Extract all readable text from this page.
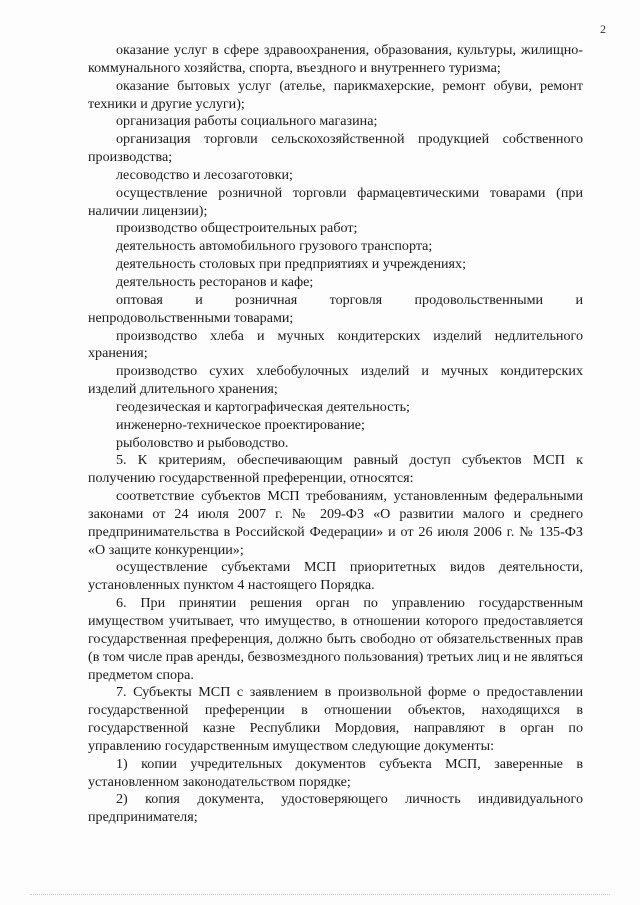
2

оказание услуг в сфере здравоохранения, образования, культуры, жилищно-коммунального хозяйства, спорта, въездного и внутреннего туризма;

оказание бытовых услуг (ателье, парикмахерские, ремонт обуви, ремонт техники и другие услуги);

организация работы социального магазина;

организация торговли сельскохозяйственной продукцией собственного производства;

лесоводство и лесозаготовки;

осуществление розничной торговли фармацевтическими товарами (при наличии лицензии);

производство общестроительных работ;

деятельность автомобильного грузового транспорта;

деятельность столовых при предприятиях и учреждениях;

деятельность ресторанов и кафе;

оптовая и розничная торговля продовольственными и непродовольственными товарами;

производство хлеба и мучных кондитерских изделий недлительного хранения;

производство сухих хлебобулочных изделий и мучных кондитерских изделий длительного хранения;

геодезическая и картографическая деятельность;

инженерно-техническое проектирование;

рыболовство и рыбоводство.

5. К критериям, обеспечивающим равный доступ субъектов МСП к получению государственной преференции, относятся:

соответствие субъектов МСП требованиям, установленным федеральными законами от 24 июля 2007 г. № 209-ФЗ «О развитии малого и среднего предпринимательства в Российской Федерации» и от 26 июля 2006 г. № 135-ФЗ «О защите конкуренции»;

осуществление субъектами МСП приоритетных видов деятельности, установленных пунктом 4 настоящего Порядка.

6. При принятии решения орган по управлению государственным имуществом учитывает, что имущество, в отношении которого предоставляется государственная преференция, должно быть свободно от обязательственных прав (в том числе прав аренды, безвозмездного пользования) третьих лиц и не являться предметом спора.

7. Субъекты МСП с заявлением в произвольной форме о предоставлении государственной преференции в отношении объектов, находящихся в государственной казне Республики Мордовия, направляют в орган по управлению государственным имуществом следующие документы:

1) копии учредительных документов субъекта МСП, заверенные в установленном законодательством порядке;

2) копия документа, удостоверяющего личность индивидуального предпринимателя;
